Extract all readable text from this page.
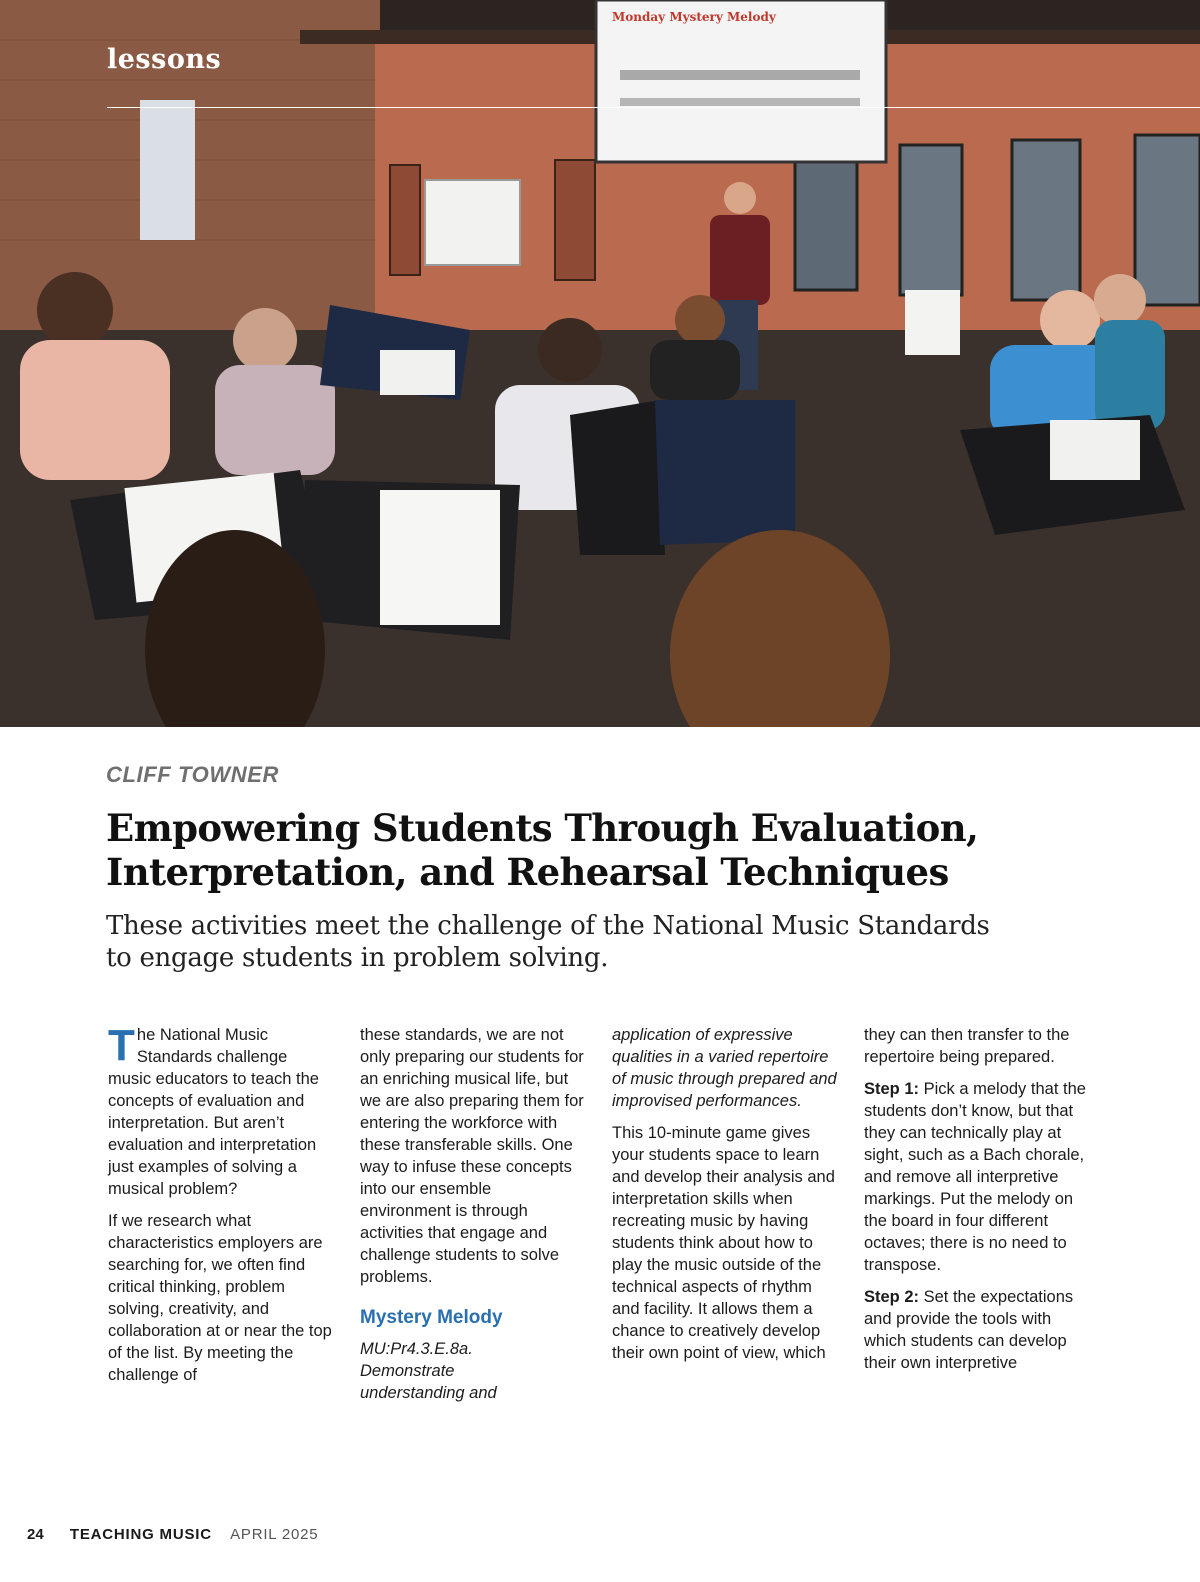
Monday Mystery Melody
lessons
CLIFF TOWNER
Empowering Students Through Evaluation,
Interpretation, and Rehearsal Techniques

These activities meet the challenge of the National Music Standards
to engage students in problem solving.

The National Music Standards challenge music educators to teach the concepts of evaluation and interpretation. But aren’t evaluation and interpretation just examples of solving a musical problem?

If we research what characteristics employers are searching for, we often find critical thinking, problem solving, creativity, and collaboration at or near the top of the list. By meeting the challenge of

these standards, we are not only preparing our students for an enriching musical life, but we are also preparing them for entering the workforce with these transferable skills. One way to infuse these concepts into our ensemble environment is through activities that engage and challenge students to solve problems.

Mystery Melody

MU:Pr4.3.E.8a.
Demonstrate
understanding and

application of expressive qualities in a varied repertoire of music through prepared and improvised performances.

This 10-minute game gives your students space to learn and develop their analysis and interpretation skills when recreating music by having students think about how to play the music outside of the technical aspects of rhythm and facility. It allows them a chance to creatively develop their own point of view, which

they can then transfer to the repertoire being prepared.

Step 1: Pick a melody that the students don’t know, but that they can technically play at sight, such as a Bach chorale, and remove all interpretive markings. Put the melody on the board in four different octaves; there is no need to transpose.

Step 2: Set the expectations and provide the tools with which students can develop their own interpretive

24 TEACHING MUSIC APRIL 2025
